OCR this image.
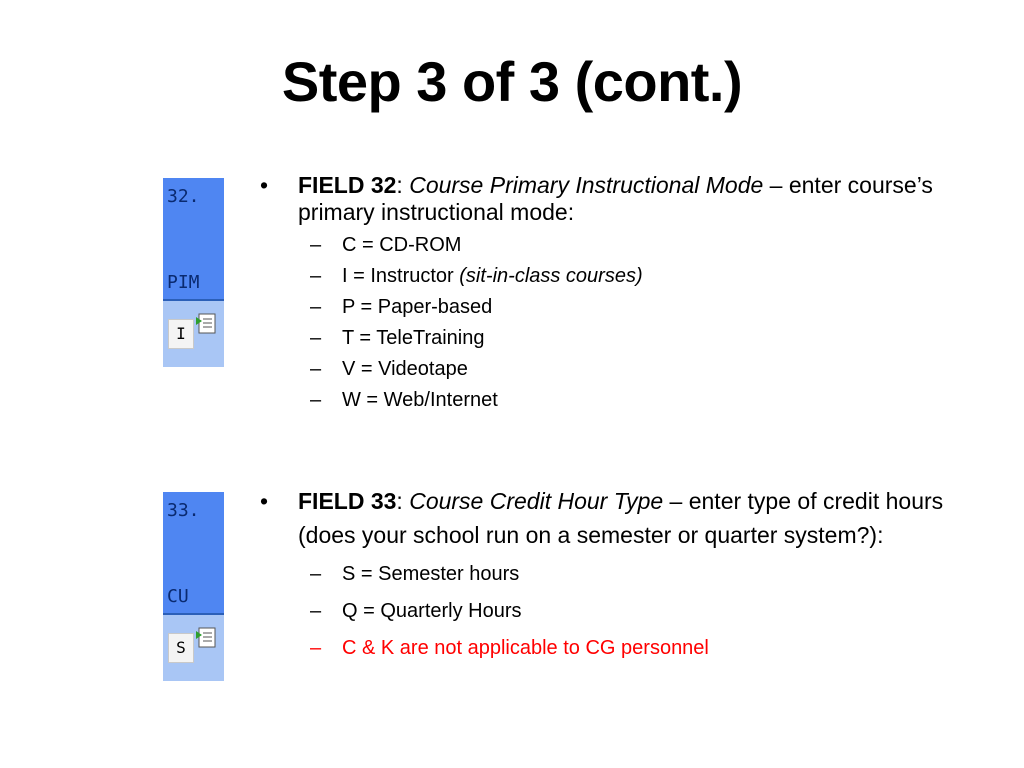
Step 3 of 3 (cont.)
32.
PIM
I
• FIELD 32: Course Primary Instructional Mode – enter course’s primary instructional mode:
– C = CD-ROM
– I = Instructor (sit-in-class courses)
– P = Paper-based
– T = TeleTraining
– V = Videotape
– W = Web/Internet
33.
CU
S
• FIELD 33: Course Credit Hour Type – enter type of credit hours (does your school run on a semester or quarter system?):
– S = Semester hours
– Q = Quarterly Hours
– C & K are not applicable to CG personnel
